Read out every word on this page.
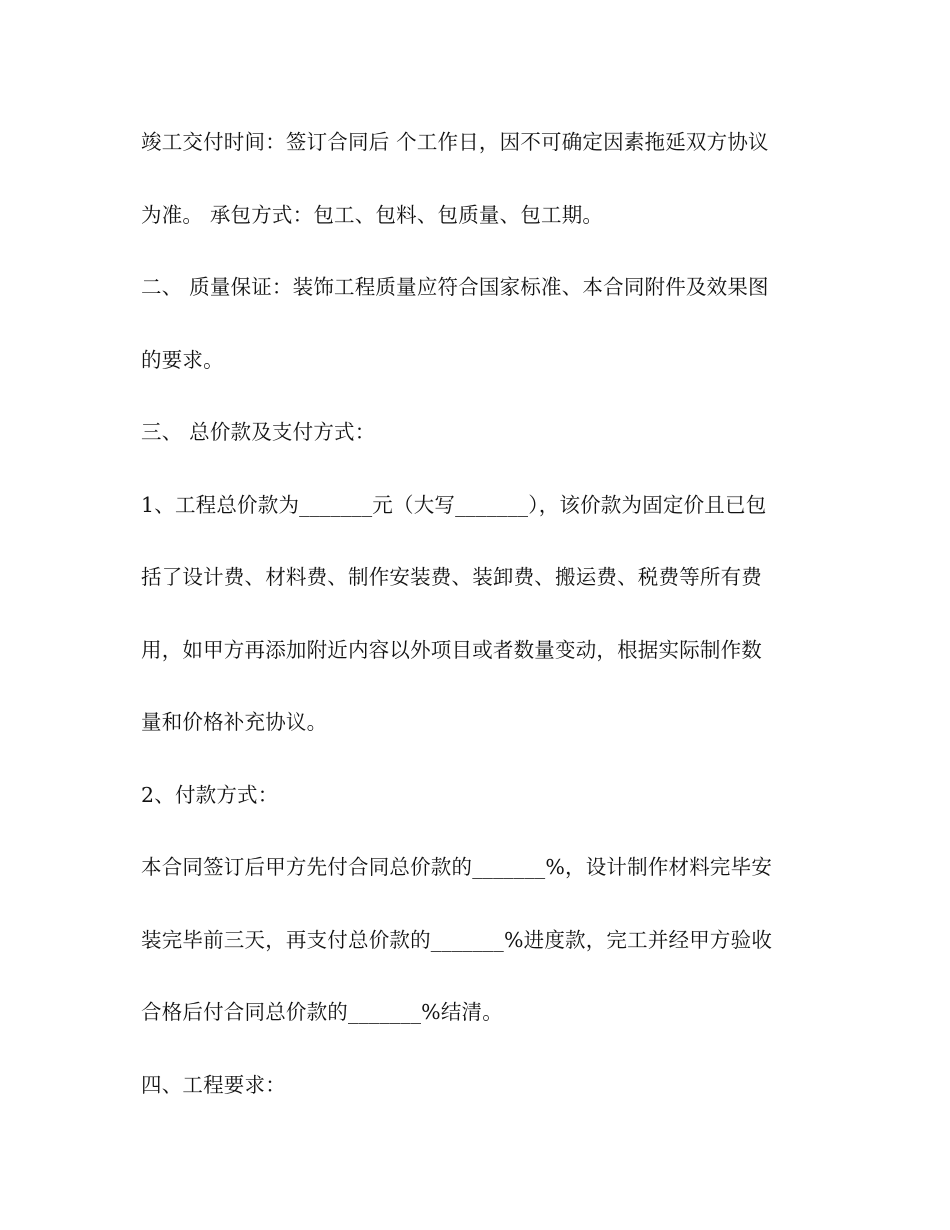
竣工交付时间：签订合同后 个工作日，因不可确定因素拖延双方协议
为准。 承包方式：包工、包料、包质量、包工期。
二、 质量保证：装饰工程质量应符合国家标准、本合同附件及效果图
的要求。
三、 总价款及支付方式：
1、工程总价款为_______元（大写_______），该价款为固定价且已包
括了设计费、材料费、制作安装费、装卸费、搬运费、税费等所有费
用，如甲方再添加附近内容以外项目或者数量变动，根据实际制作数
量和价格补充协议。
2、付款方式：
本合同签订后甲方先付合同总价款的_______%，设计制作材料完毕安
装完毕前三天，再支付总价款的_______%进度款，完工并经甲方验收
合格后付合同总价款的_______%结清。
四、工程要求：
